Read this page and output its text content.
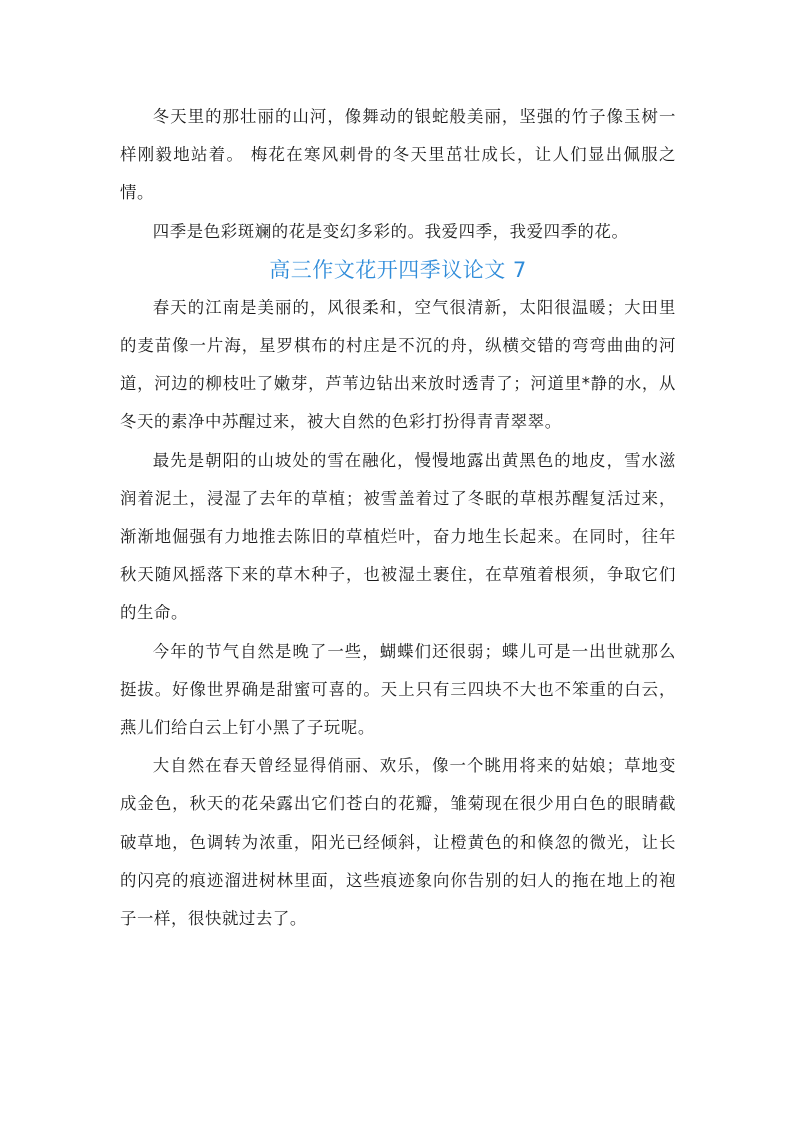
冬天里的那壮丽的山河，像舞动的银蛇般美丽，坚强的竹子像玉树一样刚毅地站着。 梅花在寒风刺骨的冬天里茁壮成长，让人们显出佩服之情。

四季是色彩斑斓的花是变幻多彩的。我爱四季，我爱四季的花。

高三作文花开四季议论文 7

春天的江南是美丽的，风很柔和，空气很清新，太阳很温暖；大田里的麦苗像一片海，星罗棋布的村庄是不沉的舟，纵横交错的弯弯曲曲的河道，河边的柳枝吐了嫩芽，芦苇边钻出来放时透青了；河道里*静的水，从冬天的素净中苏醒过来，被大自然的色彩打扮得青青翠翠。

最先是朝阳的山坡处的雪在融化，慢慢地露出黄黑色的地皮，雪水滋润着泥土，浸湿了去年的草植；被雪盖着过了冬眠的草根苏醒复活过来，渐渐地倔强有力地推去陈旧的草植烂叶，奋力地生长起来。在同时，往年秋天随风摇落下来的草木种子，也被湿土裹住，在草殖着根须，争取它们的生命。

今年的节气自然是晚了一些，蝴蝶们还很弱；蝶儿可是一出世就那么挺拔。好像世界确是甜蜜可喜的。天上只有三四块不大也不笨重的白云，燕儿们给白云上钉小黑了子玩呢。

大自然在春天曾经显得俏丽、欢乐，像一个眺用将来的姑娘；草地变成金色，秋天的花朵露出它们苍白的花瓣，雏菊现在很少用白色的眼睛截破草地，色调转为浓重，阳光已经倾斜，让橙黄色的和倏忽的微光，让长的闪亮的痕迹溜进树林里面，这些痕迹象向你告别的妇人的拖在地上的袍子一样，很快就过去了。
